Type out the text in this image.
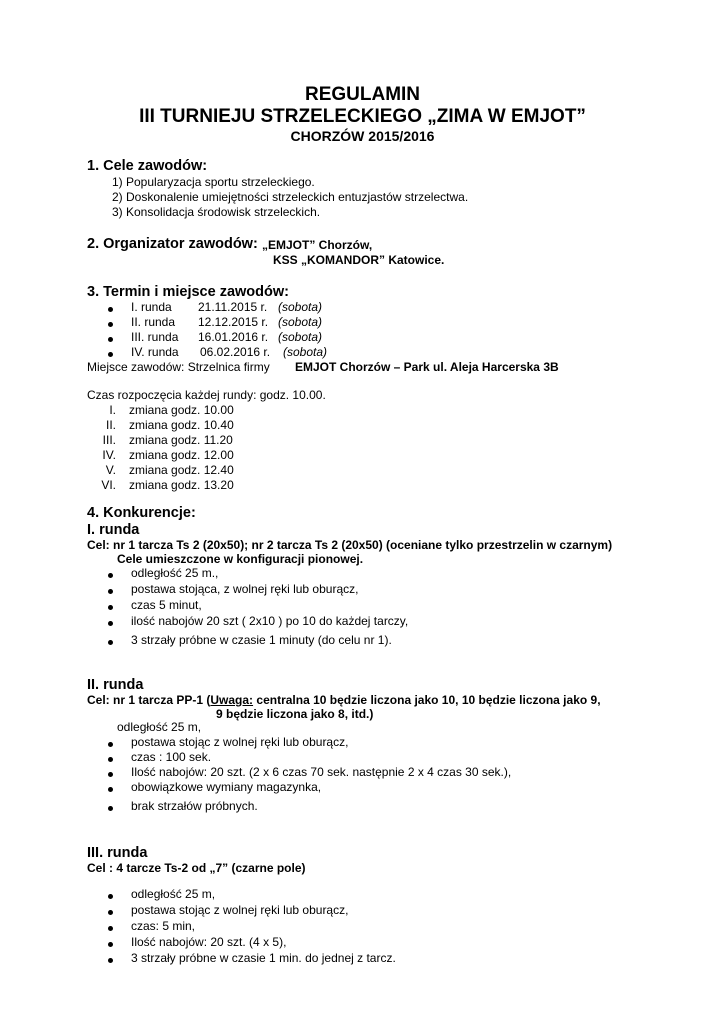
REGULAMIN
III TURNIEJU STRZELECKIEGO „ZIMA W EMJOT”
CHORZÓW 2015/2016
1. Cele zawodów:
1) Popularyzacja sportu strzeleckiego.
2) Doskonalenie umiejętności strzeleckich entuzjastów strzelectwa.
3) Konsolidacja środowisk strzeleckich.
2. Organizator zawodów: „EMJOT” Chorzów,
KSS „KOMANDOR” Katowice.
3. Termin i miejsce zawodów:
I. runda 21.11.2015 r. (sobota)
II. runda 12.12.2015 r. (sobota)
III. runda 16.01.2016 r. (sobota)
IV. runda 06.02.2016 r. (sobota)
Miejsce zawodów: Strzelnica firmy EMJOT Chorzów – Park ul. Aleja Harcerska 3B
Czas rozpoczęcia każdej rundy: godz. 10.00.
I. zmiana godz. 10.00
II. zmiana godz. 10.40
III. zmiana godz. 11.20
IV. zmiana godz. 12.00
V. zmiana godz. 12.40
VI. zmiana godz. 13.20
4. Konkurencje:
I. runda
Cel: nr 1 tarcza Ts 2 (20x50); nr 2 tarcza Ts 2 (20x50) (oceniane tylko przestrzelin w czarnym)
Cele umieszczone w konfiguracji pionowej.
odległość 25 m.,
postawa stojąca, z wolnej ręki lub oburącz,
czas 5 minut,
ilość nabojów 20 szt ( 2x10 ) po 10 do każdej tarczy,
3 strzały próbne w czasie 1 minuty (do celu nr 1).
II. runda
Cel: nr 1 tarcza PP-1 (Uwaga: centralna 10 będzie liczona jako 10, 10 będzie liczona jako 9,
9 będzie liczona jako 8, itd.)
odległość 25 m,
postawa stojąc z wolnej ręki lub oburącz,
czas : 100 sek.
Ilość nabojów: 20 szt. (2 x 6 czas 70 sek. następnie 2 x 4 czas 30 sek.),
obowiązkowe wymiany magazynka,
brak strzałów próbnych.
III. runda
Cel : 4 tarcze Ts-2 od „7” (czarne pole)
odległość 25 m,
postawa stojąc z wolnej ręki lub oburącz,
czas: 5 min,
Ilość nabojów: 20 szt. (4 x 5),
3 strzały próbne w czasie 1 min. do jednej z tarcz.
